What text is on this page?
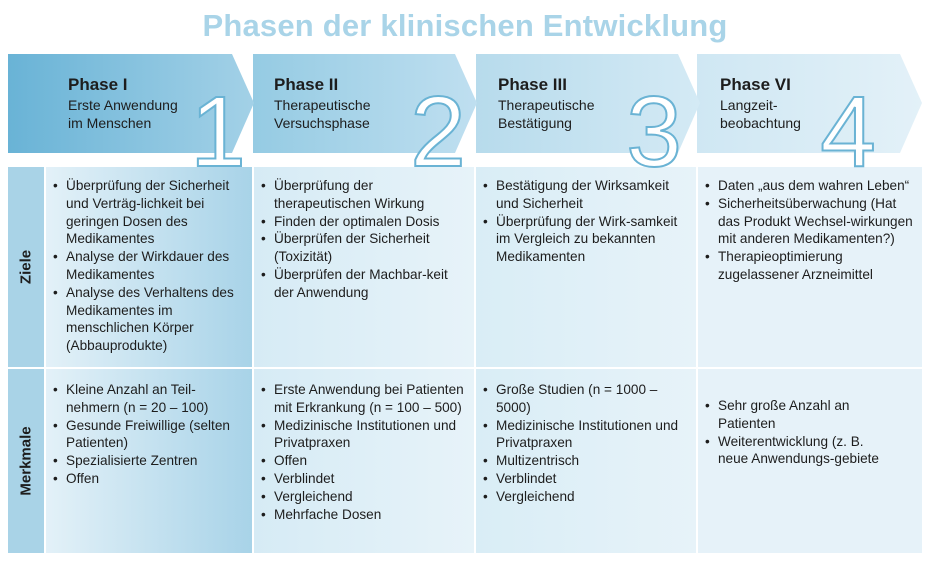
Phasen der klinischen Entwicklung
Phase I
Erste Anwendung
im Menschen
Phase II
Therapeutische
Versuchsphase
Phase III
Therapeutische
Bestätigung
Phase VI
Langzeit-
beobachtung
1 2 3 4
Ziele
Merkmale
• Überprüfung der Sicherheit und Verträg-lichkeit bei geringen Dosen des Medikamentes
• Analyse der Wirkdauer des Medikamentes
• Analyse des Verhaltens des Medikamentes im menschlichen Körper (Abbauprodukte)
• Überprüfung der therapeutischen Wirkung
• Finden der optimalen Dosis
• Überprüfen der Sicherheit (Toxizität)
• Überprüfen der Machbar-keit der Anwendung
• Bestätigung der Wirksamkeit und Sicherheit
• Überprüfung der Wirk-samkeit im Vergleich zu bekannten Medikamenten
• Daten „aus dem wahren Leben“
• Sicherheitsüberwachung (Hat das Produkt Wechsel-wirkungen mit anderen Medikamenten?)
• Therapieoptimierung zugelassener Arzneimittel
• Kleine Anzahl an Teil-nehmern (n = 20 – 100)
• Gesunde Freiwillige (selten Patienten)
• Spezialisierte Zentren
• Offen
• Erste Anwendung bei Patienten mit Erkrankung (n = 100 – 500)
• Medizinische Institutionen und Privatpraxen
• Offen
• Verblindet
• Vergleichend
• Mehrfache Dosen
• Große Studien (n = 1000 – 5000)
• Medizinische Institutionen und Privatpraxen
• Multizentrisch
• Verblindet
• Vergleichend
• Sehr große Anzahl an Patienten
• Weiterentwicklung (z. B. neue Anwendungs-gebiete
